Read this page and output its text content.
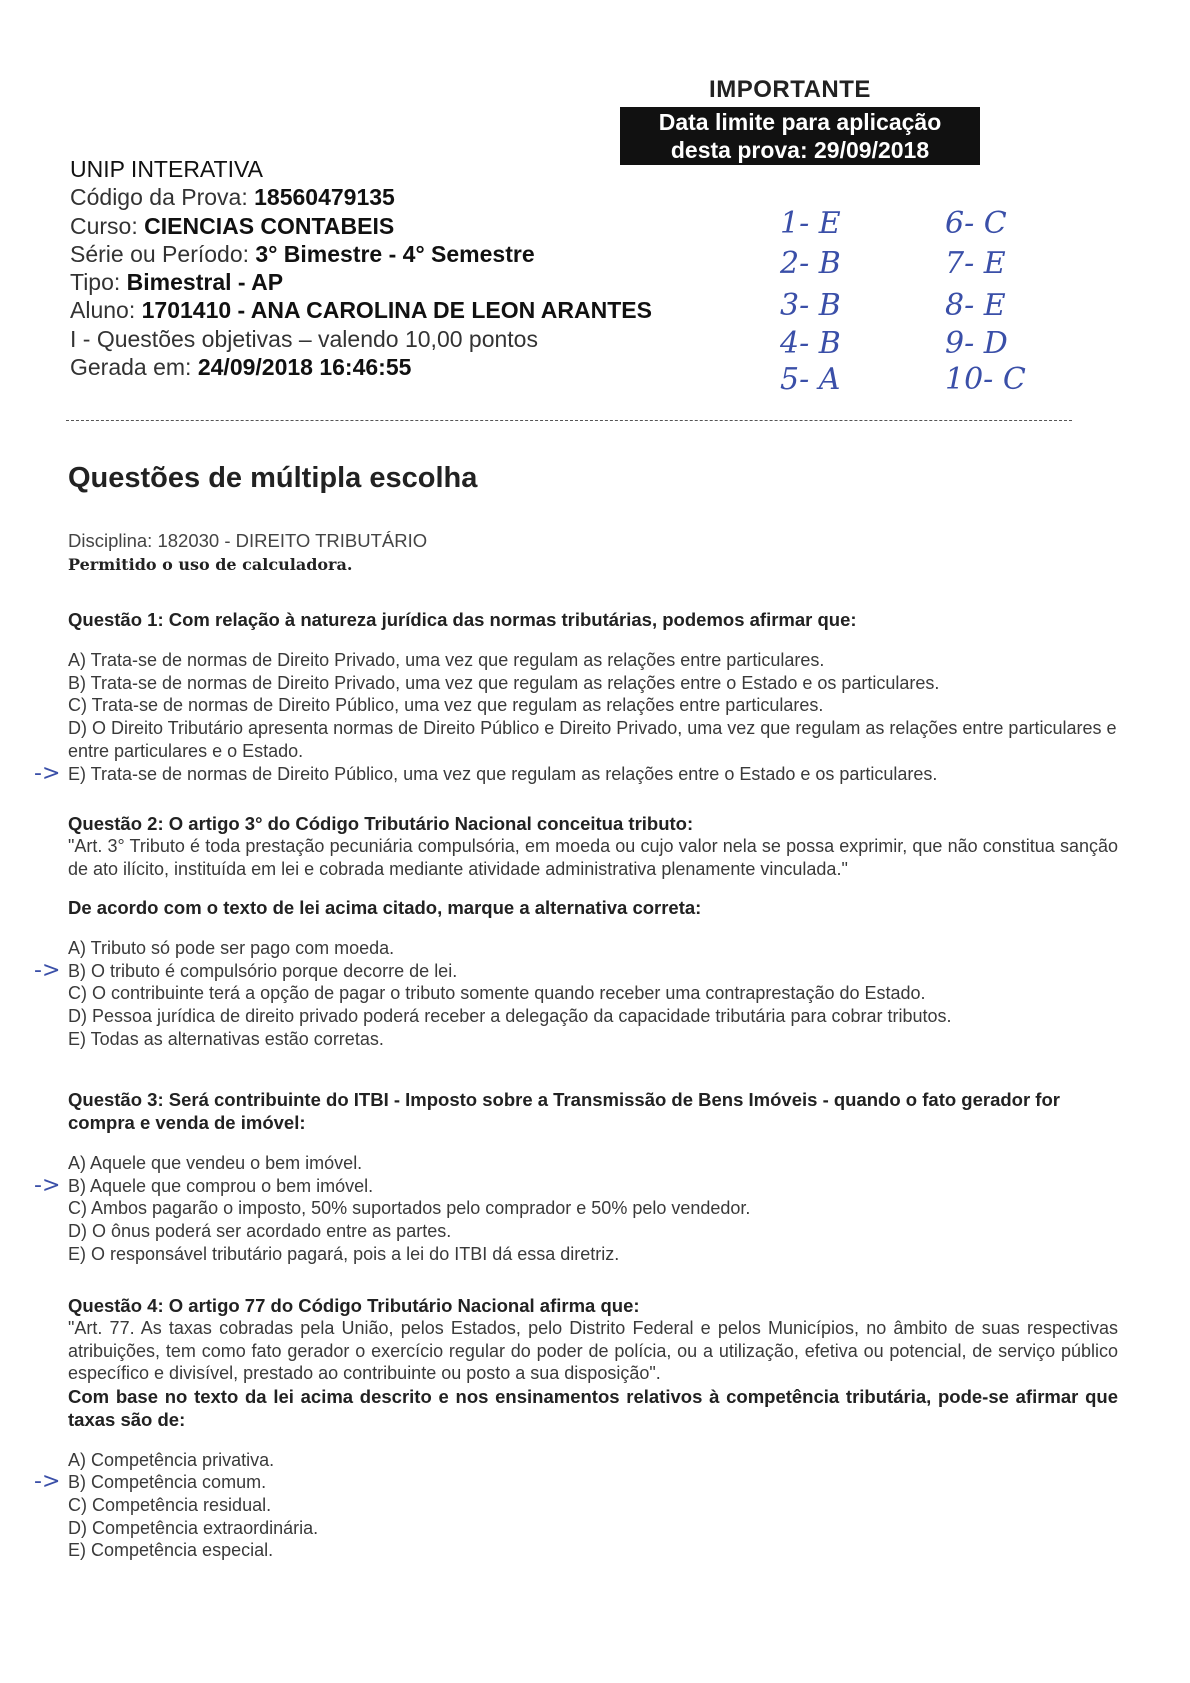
IMPORTANTE
Data limite para aplicação
desta prova: 29/09/2018
UNIP INTERATIVA
Código da Prova: 18560479135
Curso: CIENCIAS CONTABEIS
Série ou Período: 3° Bimestre - 4° Semestre
Tipo: Bimestral - AP
Aluno: 1701410 - ANA CAROLINA DE LEON ARANTES
I - Questões objetivas – valendo 10,00 pontos
Gerada em: 24/09/2018 16:46:55
1- E
2- B
3- B
4- B
5- A
6- C
7- E
8- E
9- D
10- C
Questões de múltipla escolha
Disciplina: 182030 - DIREITO TRIBUTÁRIO
Permitido o uso de calculadora.
Questão 1: Com relação à natureza jurídica das normas tributárias, podemos afirmar que:
A) Trata-se de normas de Direito Privado, uma vez que regulam as relações entre particulares.
B) Trata-se de normas de Direito Privado, uma vez que regulam as relações entre o Estado e os particulares.
C) Trata-se de normas de Direito Público, uma vez que regulam as relações entre particulares.
D) O Direito Tributário apresenta normas de Direito Público e Direito Privado, uma vez que regulam as relações entre particulares e entre particulares e o Estado.
-> E) Trata-se de normas de Direito Público, uma vez que regulam as relações entre o Estado e os particulares.
Questão 2: O artigo 3° do Código Tributário Nacional conceitua tributo:
"Art. 3° Tributo é toda prestação pecuniária compulsória, em moeda ou cujo valor nela se possa exprimir, que não constitua sanção de ato ilícito, instituída em lei e cobrada mediante atividade administrativa plenamente vinculada."
De acordo com o texto de lei acima citado, marque a alternativa correta:
A) Tributo só pode ser pago com moeda.
-> B) O tributo é compulsório porque decorre de lei.
C) O contribuinte terá a opção de pagar o tributo somente quando receber uma contraprestação do Estado.
D) Pessoa jurídica de direito privado poderá receber a delegação da capacidade tributária para cobrar tributos.
E) Todas as alternativas estão corretas.
Questão 3: Será contribuinte do ITBI - Imposto sobre a Transmissão de Bens Imóveis - quando o fato gerador for compra e venda de imóvel:
A) Aquele que vendeu o bem imóvel.
-> B) Aquele que comprou o bem imóvel.
C) Ambos pagarão o imposto, 50% suportados pelo comprador e 50% pelo vendedor.
D) O ônus poderá ser acordado entre as partes.
E) O responsável tributário pagará, pois a lei do ITBI dá essa diretriz.
Questão 4: O artigo 77 do Código Tributário Nacional afirma que:
"Art. 77. As taxas cobradas pela União, pelos Estados, pelo Distrito Federal e pelos Municípios, no âmbito de suas respectivas atribuições, tem como fato gerador o exercício regular do poder de polícia, ou a utilização, efetiva ou potencial, de serviço público específico e divisível, prestado ao contribuinte ou posto a sua disposição".
Com base no texto da lei acima descrito e nos ensinamentos relativos à competência tributária, pode-se afirmar que taxas são de:
A) Competência privativa.
-> B) Competência comum.
C) Competência residual.
D) Competência extraordinária.
E) Competência especial.
